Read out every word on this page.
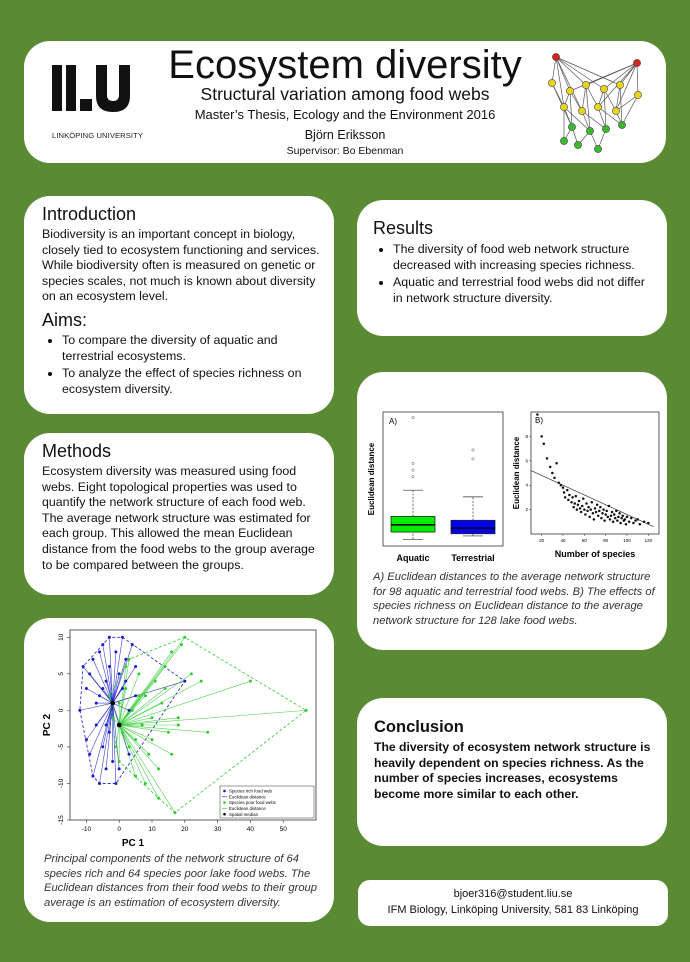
LINKÖPING UNIVERSITY
Ecosystem diversity
Structural variation among food webs
Master’s Thesis, Ecology and the Environment 2016
Björn Eriksson
Supervisor: Bo Ebenman
Introduction

Biodiversity is an important concept in biology, closely tied to ecosystem functioning and services. While biodiversity often is measured on genetic or species scales, not much is known about diversity on an ecosystem level.

Aims:
• To compare the diversity of aquatic and terrestrial ecosystems.
• To analyze the effect of species richness on ecosystem diversity.
Methods

Ecosystem diversity was measured using food webs. Eight topological properties was used to quantify the network structure of each food web. The average network structure was estimated for each group. This allowed the mean Euclidean distance from the food webs to the group average to be compared between the groups.

-10	0	10	20	30	40	50
-15
-10
-5
0
5
10
PC 1
PC 2
Species rich food web
Euclidean distance
Species poor food webs
Euclidean distance
Spatial median

Principal components of the network structure of 64 species rich and 64 species poor lake food webs. The Euclidean distances from their food webs to their group average is an estimation of ecosystem diversity.

Results
• The diversity of food web network structure decreased with increasing species richness.
• Aquatic and terrestrial food webs did not differ in network structure diversity.
A)
Euclidean distance
Aquatic Terrestrial
B)
20	40	60	80	100	120
2
4
6
8
Number of species
Euclidean distance

A) Euclidean distances to the average network structure for 98 aquatic and terrestrial food webs. B) The effects of species richness on Euclidean distance to the average network structure for 128 lake food webs.

Conclusion

The diversity of ecosystem network structure is heavily dependent on species richness. As the number of species increases, ecosystems become more similar to each other.

bjoer316@student.liu.se
IFM Biology, Linköping University, 581 83 Linköping
